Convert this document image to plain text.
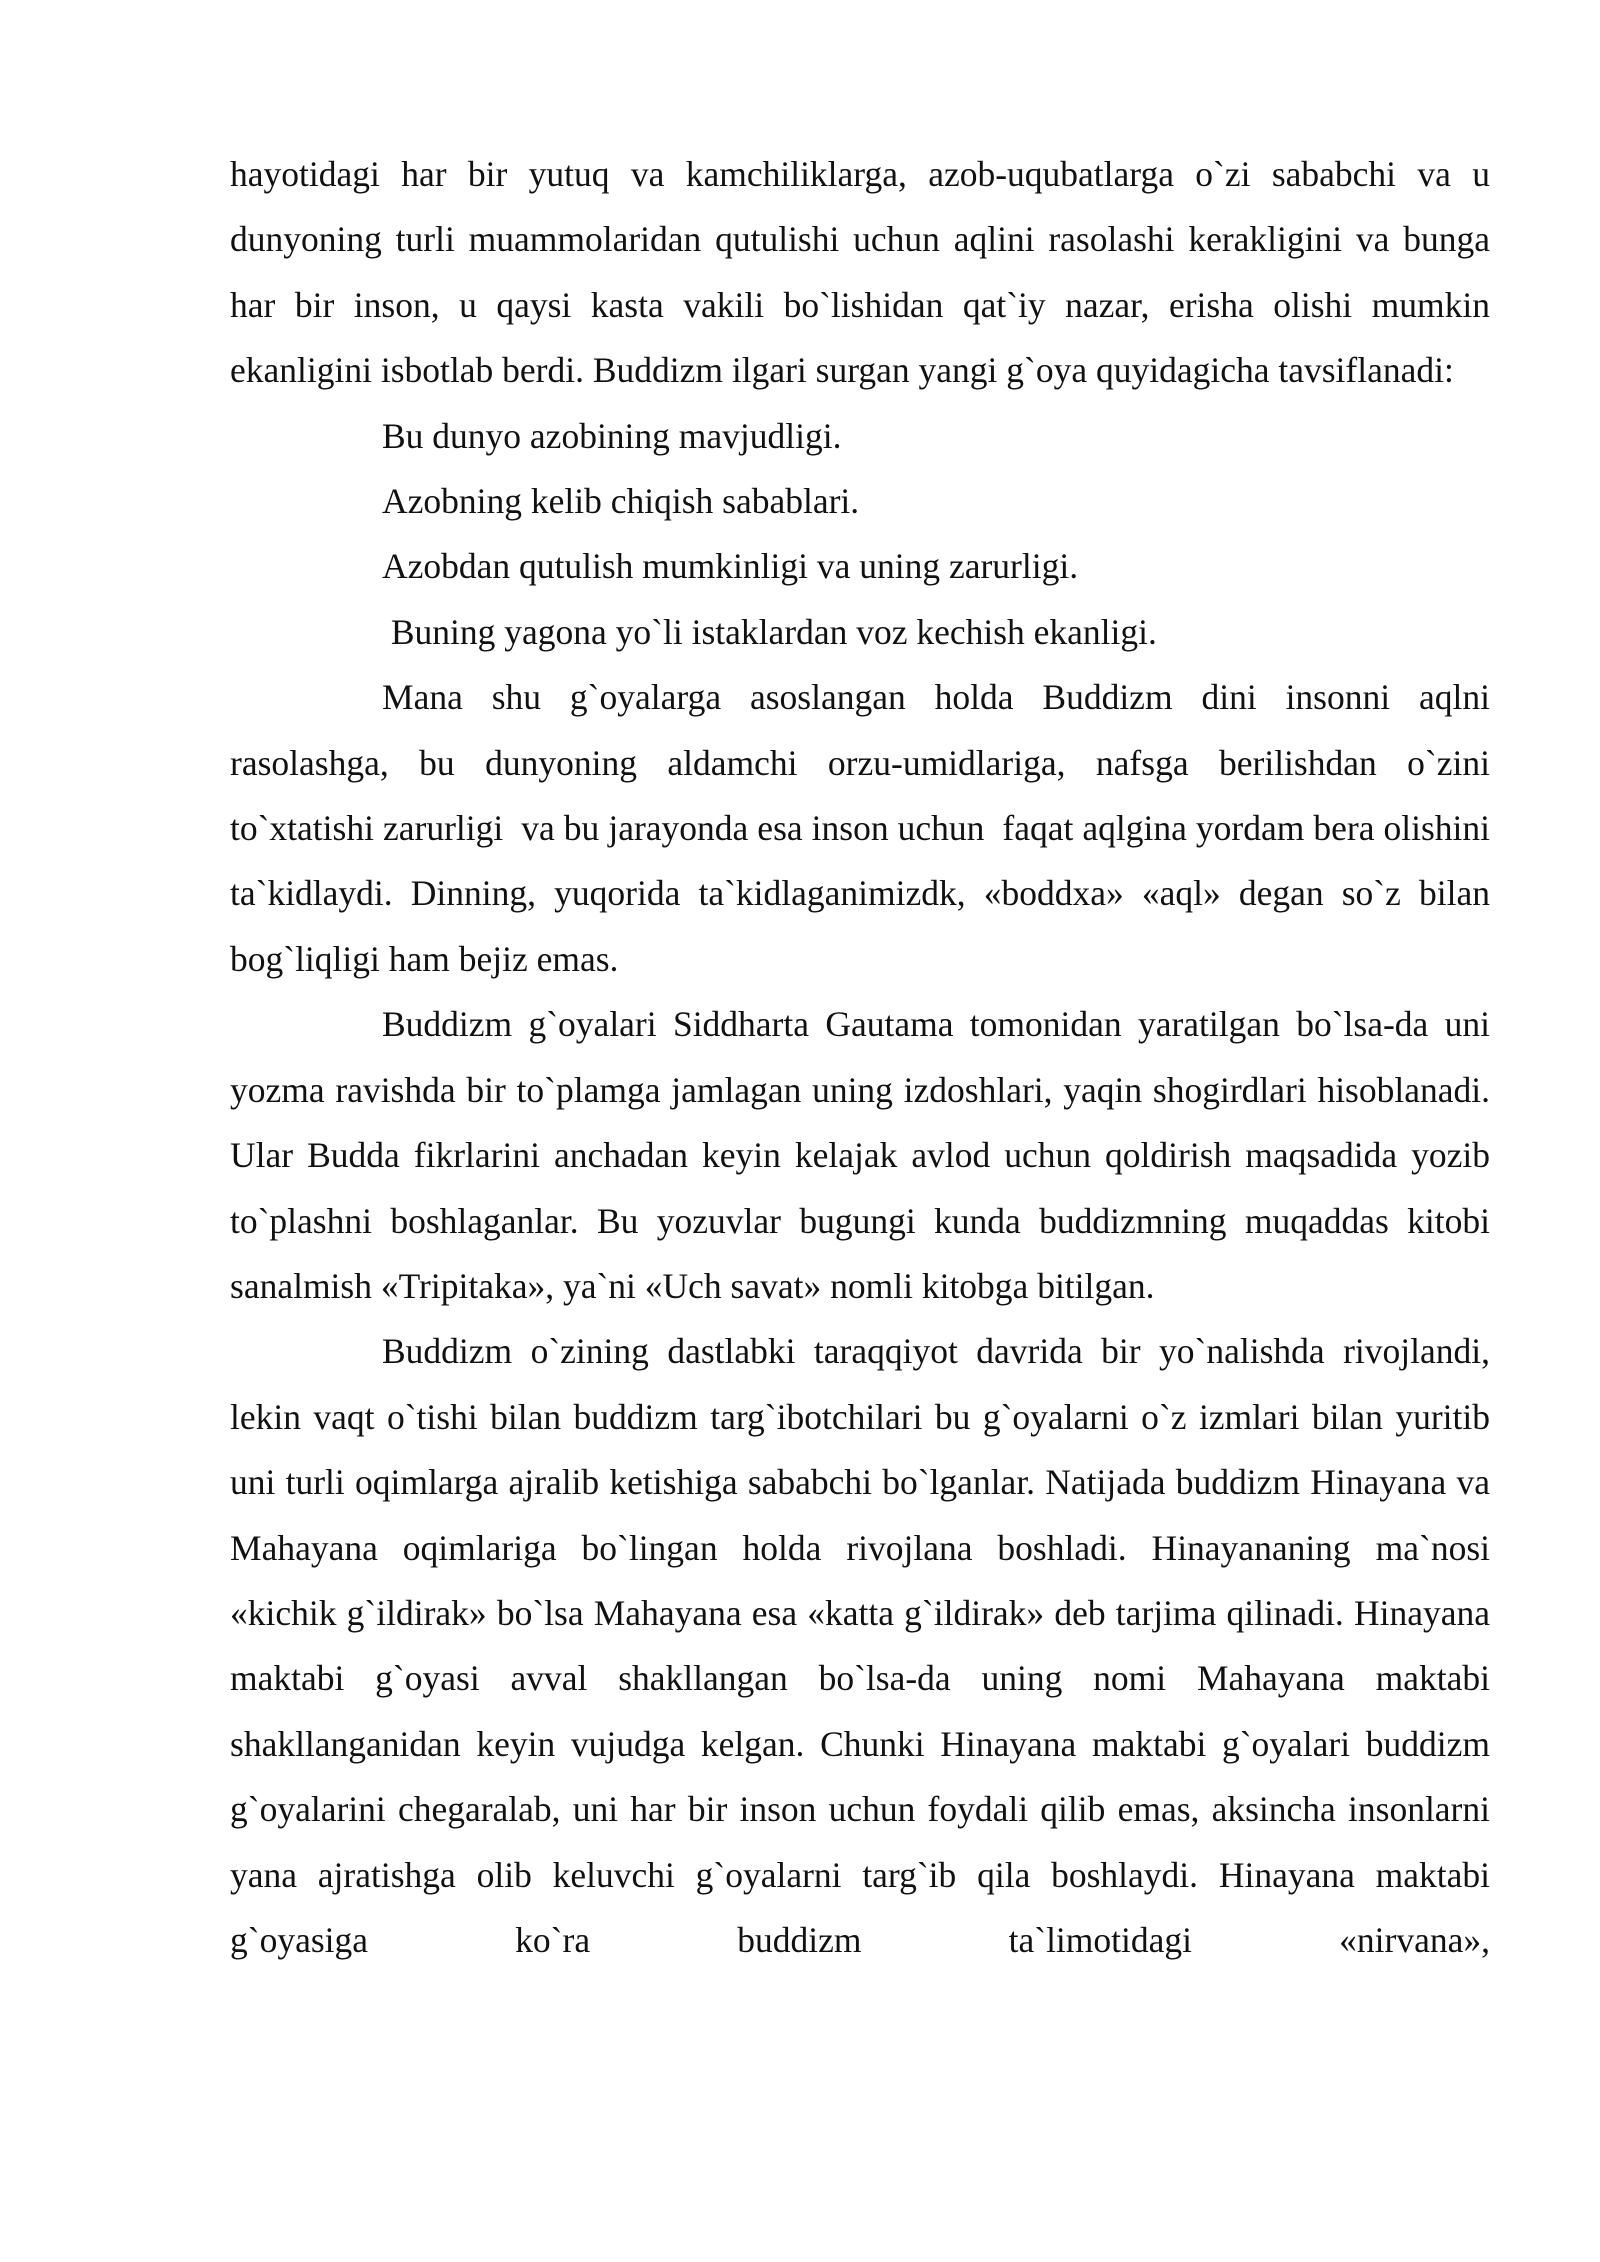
hayotidagi har bir yutuq va kamchiliklarga, azob-uqubatlarga o`zi sababchi va u dunyoning turli muammolaridan qutulishi uchun aqlini rasolashi kerakligini va bunga har bir inson, u qaysi kasta vakili bo`lishidan qat`iy nazar, erisha olishi mumkin ekanligini isbotlab berdi. Buddizm ilgari surgan yangi g`oya quyidagicha tavsiflanadi:

Bu dunyo azobining mavjudligi.

Azobning kelib chiqish sabablari.

Azobdan qutulish mumkinligi va uning zarurligi.

Buning yagona yo`li istaklardan voz kechish ekanligi.

Mana shu g`oyalarga asoslangan holda Buddizm dini insonni aqlni rasolashga, bu dunyoning aldamchi orzu-umidlariga, nafsga berilishdan o`zini to`xtatishi zarurligi  va bu jarayonda esa inson uchun  faqat aqlgina yordam bera olishini ta`kidlaydi. Dinning, yuqorida ta`kidlaganimizdk, «boddxa» «aql» degan so`z bilan bog`liqligi ham bejiz emas.

Buddizm g`oyalari Siddharta Gautama tomonidan yaratilgan bo`lsa-da uni yozma ravishda bir to`plamga jamlagan uning izdoshlari, yaqin shogirdlari hisoblanadi. Ular Budda fikrlarini anchadan keyin kelajak avlod uchun qoldirish maqsadida yozib to`plashni boshlaganlar. Bu yozuvlar bugungi kunda buddizmning muqaddas kitobi sanalmish «Tripitaka», ya`ni «Uch savat» nomli kitobga bitilgan.

Buddizm o`zining dastlabki taraqqiyot davrida bir yo`nalishda rivojlandi, lekin vaqt o`tishi bilan buddizm targ`ibotchilari bu g`oyalarni o`z izmlari bilan yuritib uni turli oqimlarga ajralib ketishiga sababchi bo`lganlar. Natijada buddizm Hinayana va Mahayana oqimlariga bo`lingan holda rivojlana boshladi. Hinayananing ma`nosi «kichik g`ildirak» bo`lsa Mahayana esa «katta g`ildirak» deb tarjima qilinadi. Hinayana maktabi g`oyasi avval shakllangan bo`lsa-da uning nomi Mahayana maktabi shakllanganidan keyin vujudga kelgan. Chunki Hinayana maktabi g`oyalari buddizm g`oyalarini chegaralab, uni har bir inson uchun foydali qilib emas, aksincha insonlarni yana ajratishga olib keluvchi g`oyalarni targ`ib qila boshlaydi. Hinayana maktabi g`oyasiga ko`ra buddizm ta`limotidagi «nirvana»,
